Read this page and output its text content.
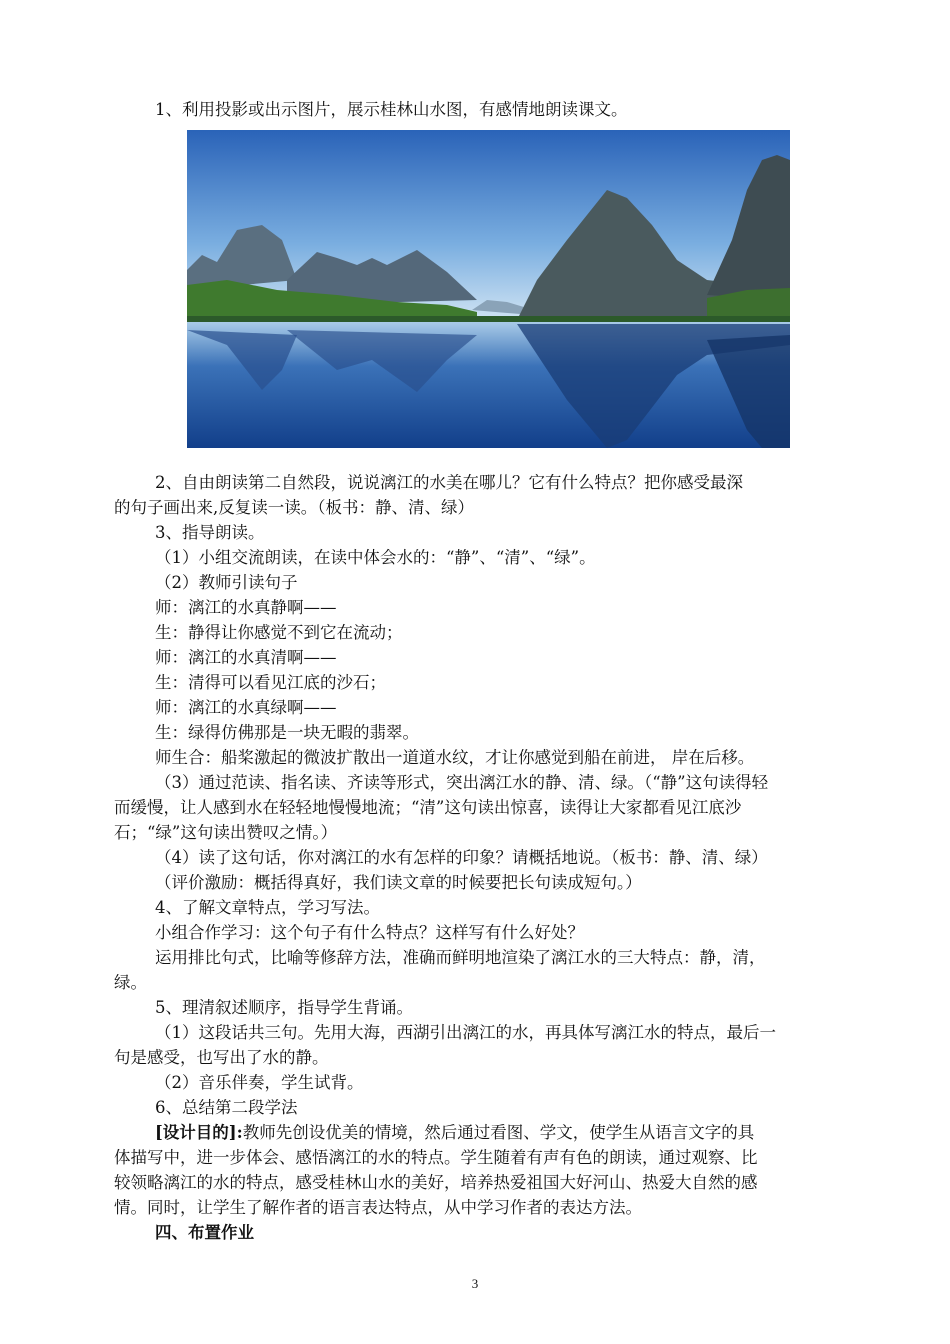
1、利用投影或出示图片，展示桂林山水图，有感情地朗读课文。
2、自由朗读第二自然段，说说漓江的水美在哪儿？它有什么特点？把你感受最深
的句子画出来,反复读一读。（板书：静、清、绿）
3、指导朗读。
（1）小组交流朗读，在读中体会水的：“静”、“清”、“绿”。
（2）教师引读句子
师：漓江的水真静啊——
生：静得让你感觉不到它在流动；
师：漓江的水真清啊——
生：清得可以看见江底的沙石；
师：漓江的水真绿啊——
生：绿得仿佛那是一块无暇的翡翠。
师生合：船桨激起的微波扩散出一道道水纹，才让你感觉到船在前进， 岸在后移。
（3）通过范读、指名读、齐读等形式，突出漓江水的静、清、绿。（“静”这句读得轻
而缓慢，让人感到水在轻轻地慢慢地流；“清”这句读出惊喜，读得让大家都看见江底沙
石；“绿”这句读出赞叹之情。）
（4）读了这句话，你对漓江的水有怎样的印象？请概括地说。（板书：静、清、绿）
（评价激励：概括得真好，我们读文章的时候要把长句读成短句。）
4、了解文章特点，学习写法。
小组合作学习：这个句子有什么特点？这样写有什么好处？
运用排比句式，比喻等修辞方法，准确而鲜明地渲染了漓江水的三大特点：静，清，
绿。
5、理清叙述顺序，指导学生背诵。
（1）这段话共三句。先用大海，西湖引出漓江的水，再具体写漓江水的特点，最后一
句是感受，也写出了水的静。
（2）音乐伴奏，学生试背。
6、总结第二段学法
[设计目的]:教师先创设优美的情境，然后通过看图、学文，使学生从语言文字的具
体描写中，进一步体会、感悟漓江的水的特点。学生随着有声有色的朗读，通过观察、比
较领略漓江的水的特点，感受桂林山水的美好，培养热爱祖国大好河山、热爱大自然的感
情。同时，让学生了解作者的语言表达特点，从中学习作者的表达方法。
四、布置作业
3
